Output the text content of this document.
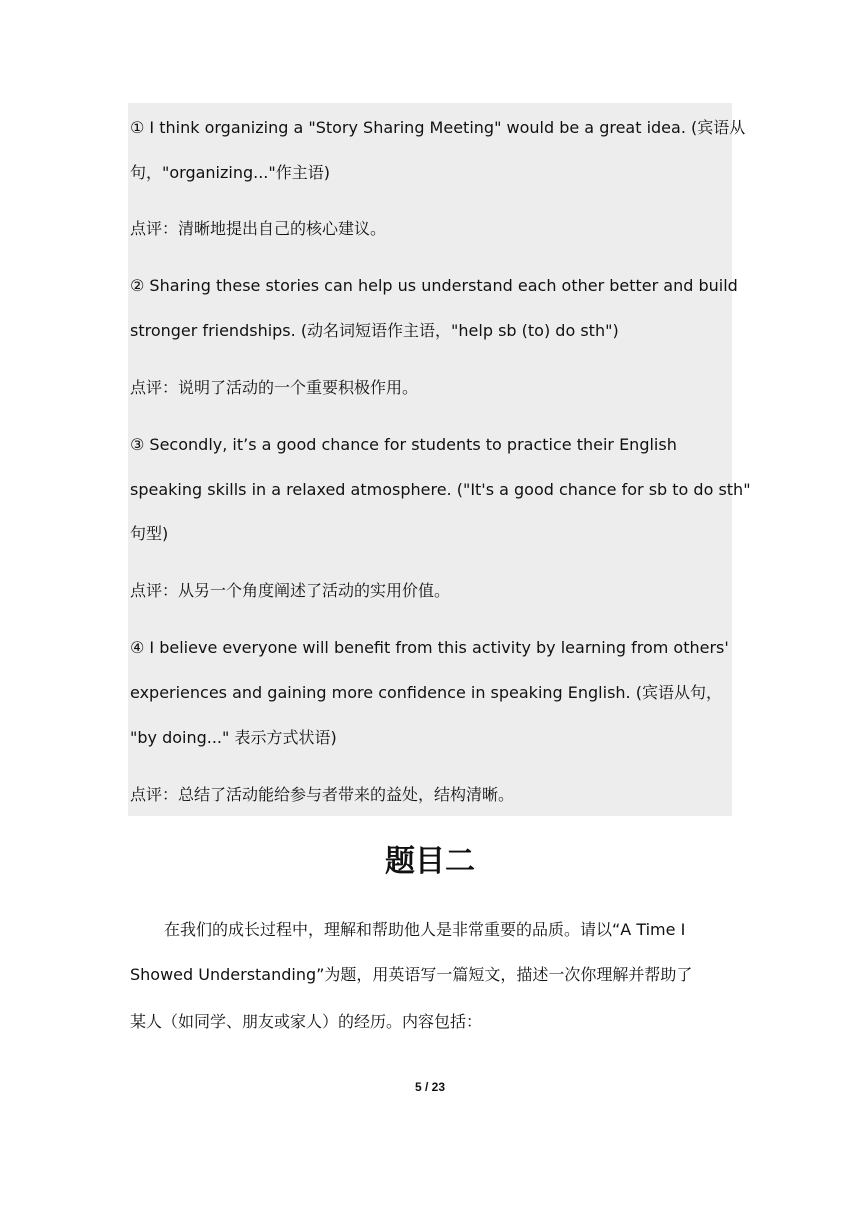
① I think organizing a "Story Sharing Meeting" would be a great idea. (宾语从
句，"organizing..."作主语)
点评：清晰地提出自己的核心建议。
② Sharing these stories can help us understand each other better and build
stronger friendships. (动名词短语作主语，"help sb (to) do sth")
点评：说明了活动的一个重要积极作用。
③ Secondly, it’s a good chance for students to practice their English
speaking skills in a relaxed atmosphere. ("It's a good chance for sb to do sth"
句型)
点评：从另一个角度阐述了活动的实用价值。
④ I believe everyone will benefit from this activity by learning from others'
experiences and gaining more confidence in speaking English. (宾语从句，
"by doing..." 表示方式状语)
点评：总结了活动能给参与者带来的益处，结构清晰。
题目二
在我们的成长过程中，理解和帮助他人是非常重要的品质。请以“A Time I
Showed Understanding”为题，用英语写一篇短文，描述一次你理解并帮助了
某人（如同学、朋友或家人）的经历。内容包括：
5 / 23
